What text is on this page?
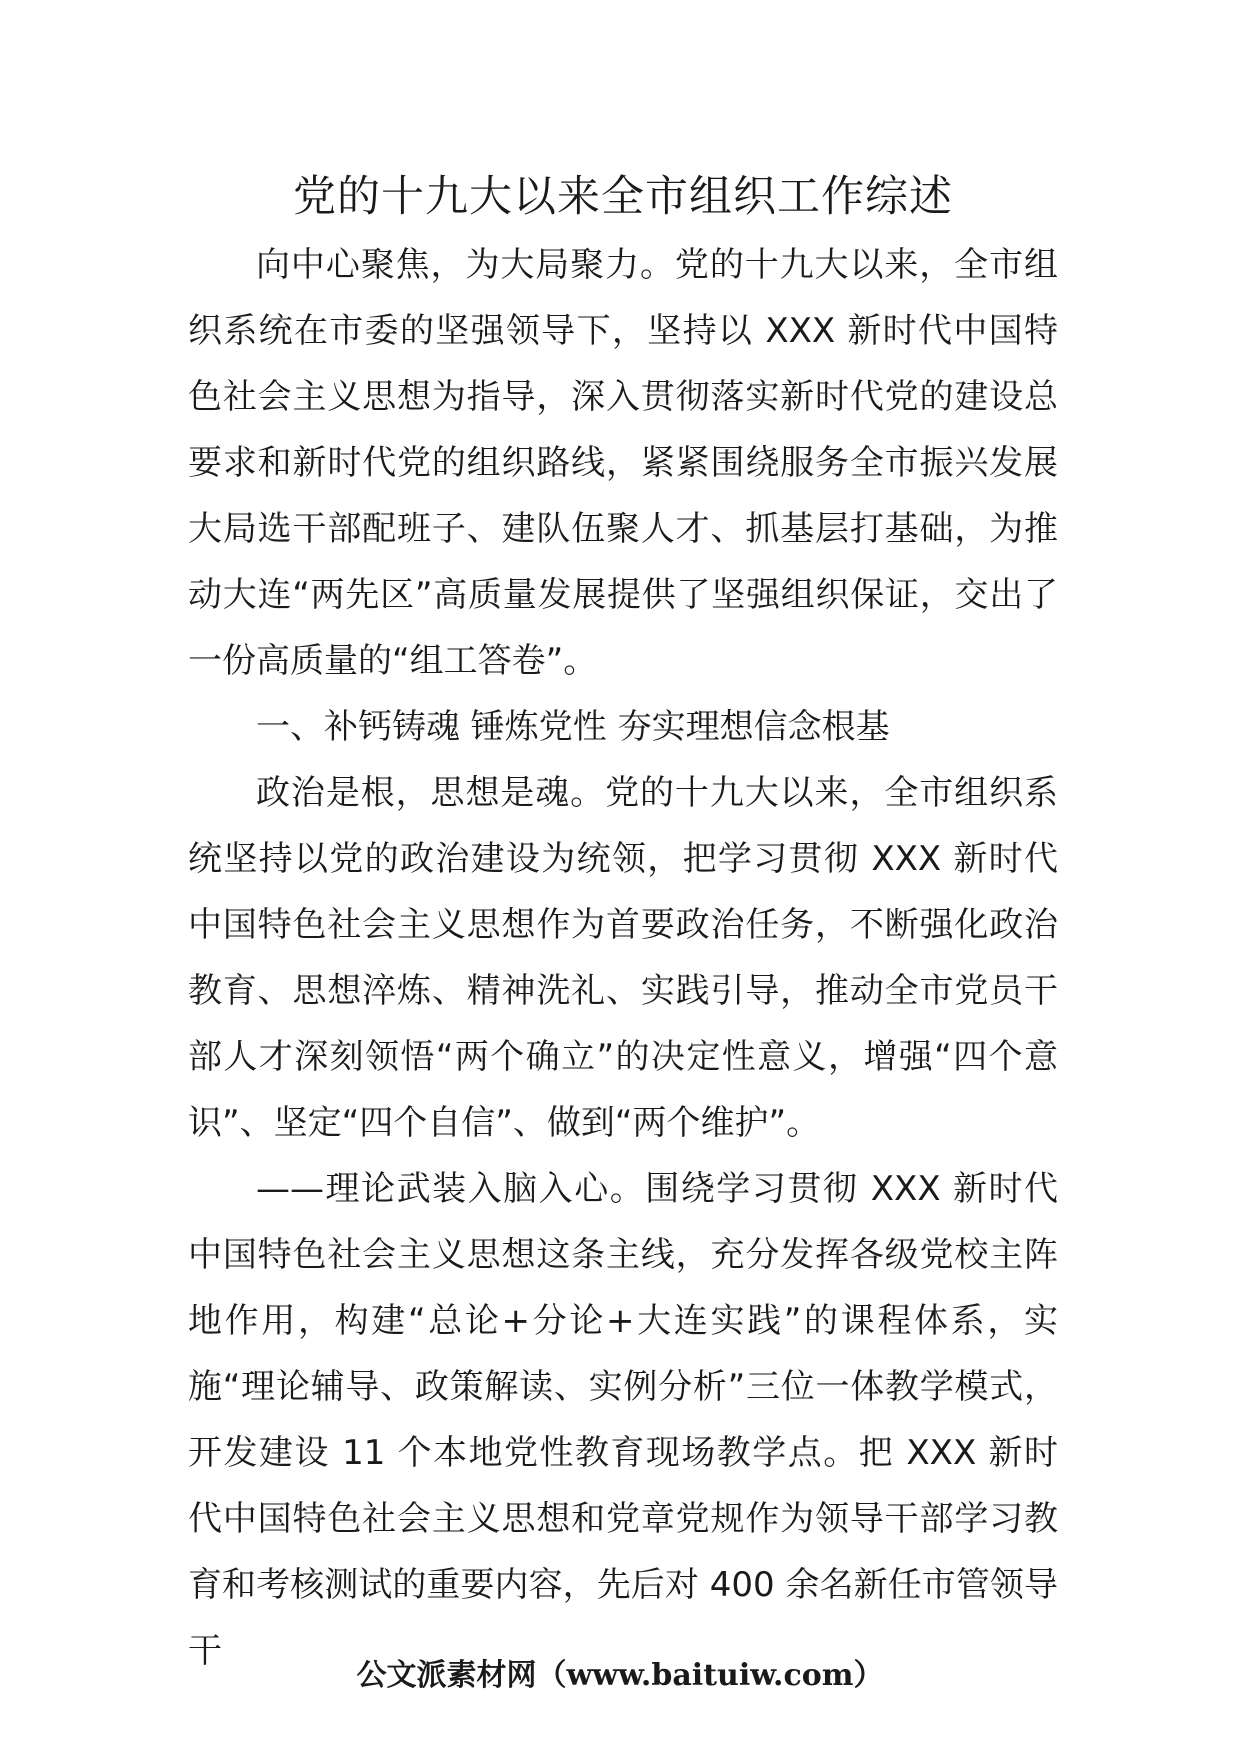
党的十九大以来全市组织工作综述

向中心聚焦，为大局聚力。党的十九大以来，全市组织系统在市委的坚强领导下，坚持以 XXX 新时代中国特色社会主义思想为指导，深入贯彻落实新时代党的建设总要求和新时代党的组织路线，紧紧围绕服务全市振兴发展大局选干部配班子、建队伍聚人才、抓基层打基础，为推动大连“两先区”高质量发展提供了坚强组织保证，交出了一份高质量的“组工答卷”。

一、补钙铸魂 锤炼党性 夯实理想信念根基

政治是根，思想是魂。党的十九大以来，全市组织系统坚持以党的政治建设为统领，把学习贯彻 XXX 新时代中国特色社会主义思想作为首要政治任务，不断强化政治教育、思想淬炼、精神洗礼、实践引导，推动全市党员干部人才深刻领悟“两个确立”的决定性意义，增强“四个意识”、坚定“四个自信”、做到“两个维护”。

——理论武装入脑入心。围绕学习贯彻 XXX 新时代中国特色社会主义思想这条主线，充分发挥各级党校主阵地作用，构建“总论+分论+大连实践”的课程体系，实施“理论辅导、政策解读、实例分析”三位一体教学模式，开发建设 11 个本地党性教育现场教学点。把 XXX 新时代中国特色社会主义思想和党章党规作为领导干部学习教育和考核测试的重要内容，先后对 400 余名新任市管领导干

公文派素材网（www.baituiw.com）
